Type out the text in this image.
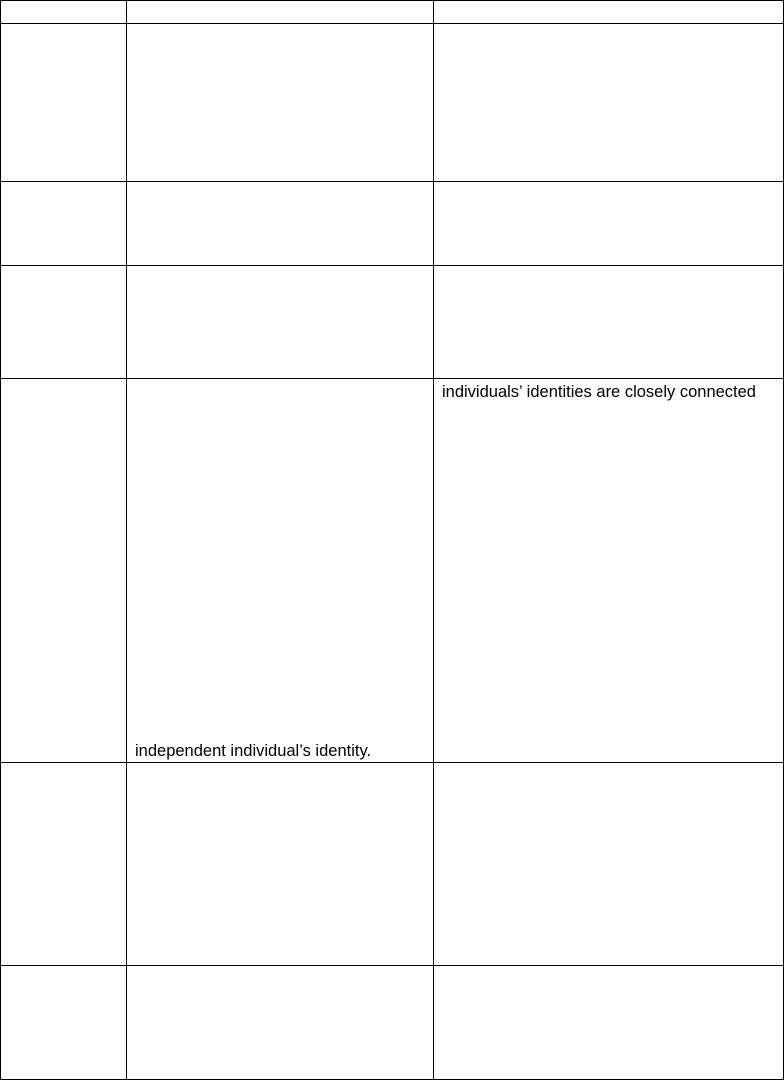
individuals’ identities are closely connected
independent individual’s identity.
